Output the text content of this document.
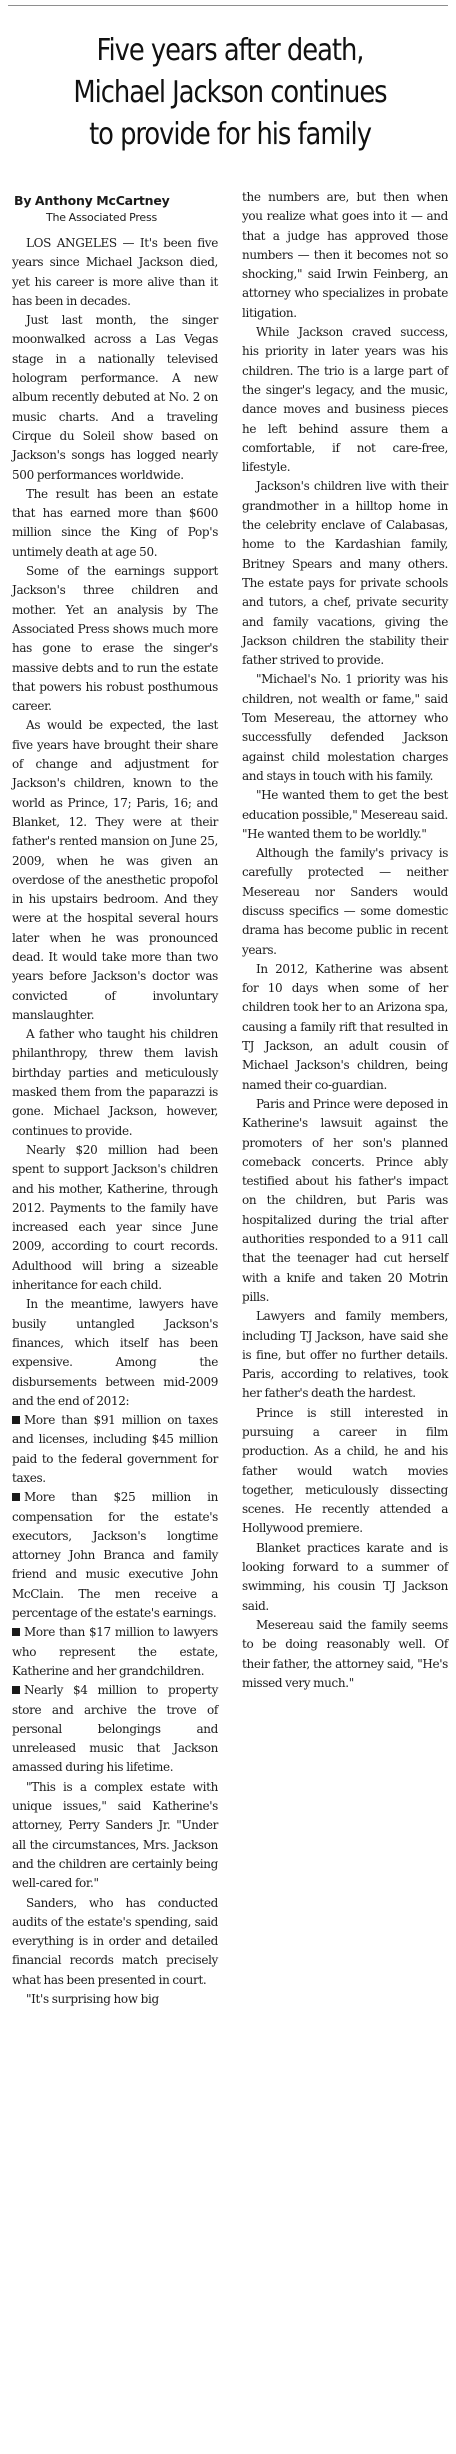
Five years after death,
Michael Jackson continues
to provide for his family
By Anthony McCartney
The Associated Press

LOS ANGELES — It's been five years since Michael Jackson died, yet his career is more alive than it has been in decades.

Just last month, the singer moonwalked across a Las Vegas stage in a nationally televised hologram performance. A new album recently debuted at No. 2 on music charts. And a traveling Cirque du Soleil show based on Jackson's songs has logged nearly 500 performances worldwide.

The result has been an estate that has earned more than $600 million since the King of Pop's untimely death at age 50.

Some of the earnings support Jackson's three children and mother. Yet an analysis by The Associated Press shows much more has gone to erase the singer's massive debts and to run the estate that powers his robust posthumous career.

As would be expected, the last five years have brought their share of change and adjustment for Jackson's children, known to the world as Prince, 17; Paris, 16; and Blanket, 12. They were at their father's rented mansion on June 25, 2009, when he was given an overdose of the anesthetic propofol in his upstairs bedroom. And they were at the hospital several hours later when he was pronounced dead. It would take more than two years before Jackson's doctor was convicted of involuntary manslaughter.

A father who taught his children philanthropy, threw them lavish birthday parties and meticulously masked them from the paparazzi is gone. Michael Jackson, however, continues to provide.

Nearly $20 million had been spent to support Jackson's children and his mother, Katherine, through 2012. Payments to the family have increased each year since June 2009, according to court records. Adulthood will bring a sizeable inheritance for each child.

In the meantime, lawyers have busily untangled Jackson's finances, which itself has been expensive. Among the disbursements between mid-2009 and the end of 2012:

More than $91 million on taxes and licenses, including $45 million paid to the federal government for taxes.

More than $25 million in compensation for the estate's executors, Jackson's longtime attorney John Branca and family friend and music executive John McClain. The men receive a percentage of the estate's earnings.

More than $17 million to lawyers who represent the estate, Katherine and her grandchildren.

Nearly $4 million to property store and archive the trove of personal belongings and unreleased music that Jackson amassed during his lifetime.

"This is a complex estate with unique issues," said Katherine's attorney, Perry Sanders Jr. "Under all the circumstances, Mrs. Jackson and the children are certainly being well-cared for."

Sanders, who has conducted audits of the estate's spending, said everything is in order and detailed financial records match precisely what has been presented in court.

"It's surprising how big

the numbers are, but then when you realize what goes into it — and that a judge has approved those numbers — then it becomes not so shocking," said Irwin Feinberg, an attorney who specializes in probate litigation.

While Jackson craved success, his priority in later years was his children. The trio is a large part of the singer's legacy, and the music, dance moves and business pieces he left behind assure them a comfortable, if not care-free, lifestyle.

Jackson's children live with their grandmother in a hilltop home in the celebrity enclave of Calabasas, home to the Kardashian family, Britney Spears and many others. The estate pays for private schools and tutors, a chef, private security and family vacations, giving the Jackson children the stability their father strived to provide.

"Michael's No. 1 priority was his children, not wealth or fame," said Tom Mesereau, the attorney who successfully defended Jackson against child molestation charges and stays in touch with his family.

"He wanted them to get the best education possible," Mesereau said. "He wanted them to be worldly."

Although the family's privacy is carefully protected — neither Mesereau nor Sanders would discuss specifics — some domestic drama has become public in recent years.

In 2012, Katherine was absent for 10 days when some of her children took her to an Arizona spa, causing a family rift that resulted in TJ Jackson, an adult cousin of Michael Jackson's children, being named their co-guardian.

Paris and Prince were deposed in Katherine's lawsuit against the promoters of her son's planned comeback concerts. Prince ably testified about his father's impact on the children, but Paris was hospitalized during the trial after authorities responded to a 911 call that the teenager had cut herself with a knife and taken 20 Motrin pills.

Lawyers and family members, including TJ Jackson, have said she is fine, but offer no further details. Paris, according to relatives, took her father's death the hardest.

Prince is still interested in pursuing a career in film production. As a child, he and his father would watch movies together, meticulously dissecting scenes. He recently attended a Hollywood premiere.

Blanket practices karate and is looking forward to a summer of swimming, his cousin TJ Jackson said.

Mesereau said the family seems to be doing reasonably well. Of their father, the attorney said, "He's missed very much."
